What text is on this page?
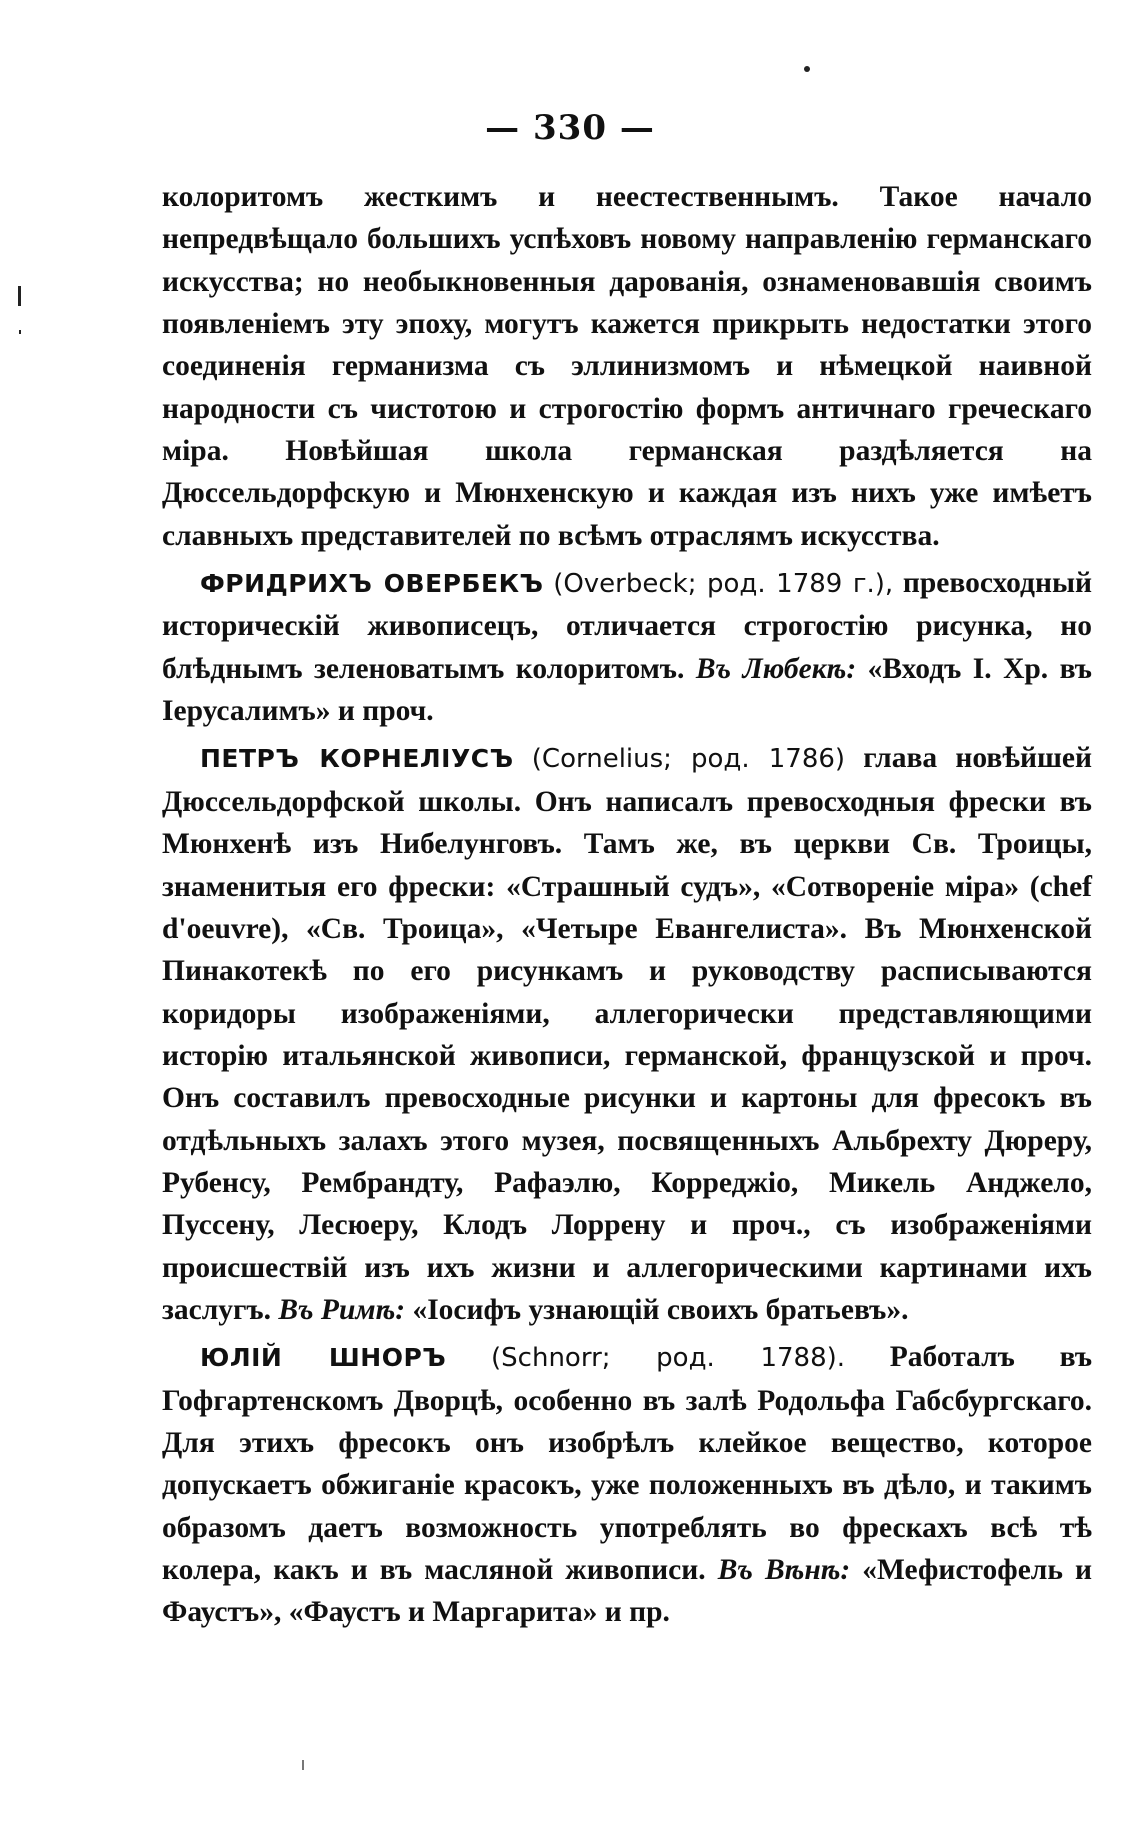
— 330 —

колоритомъ жесткимъ и неестественнымъ. Такое начало непредвѣщало большихъ успѣховъ новому направленію германскаго искусства; но необыкновенныя дарованія, ознаменовавшія своимъ появленіемъ эту эпоху, могутъ кажется прикрыть недостатки этого соединенія германизма съ эллинизмомъ и нѣмецкой наивной народности съ чистотою и строгостію формъ античнаго греческаго міра. Новѣйшая школа германская раздѣляется на Дюссельдорфскую и Мюнхенскую и каждая изъ нихъ уже имѣетъ славныхъ представителей по всѣмъ отраслямъ искусства.

ФРИДРИХЪ ОВЕРБЕКЪ (Overbeck; род. 1789 г.), превосходный историческій живописецъ, отличается строгостію рисунка, но блѣднымъ зеленоватымъ колоритомъ. Въ Любекѣ: «Входъ І. Хр. въ Іерусалимъ» и проч.

ПЕТРЪ КОРНЕЛІУСЪ (Cornelius; род. 1786) глава новѣйшей Дюссельдорфской школы. Онъ написалъ превосходныя фрески въ Мюнхенѣ изъ Нибелунговъ. Тамъ же, въ церкви Св. Троицы, знаменитыя его фрески: «Страшный судъ», «Сотвореніе міра» (chef d'oeuvre), «Св. Троица», «Четыре Евангелиста». Въ Мюнхенской Пинакотекѣ по его рисункамъ и руководству расписываются коридоры изображеніями, аллегорически представляющими исторію итальянской живописи, германской, французской и проч. Онъ составилъ превосходные рисунки и картоны для фресокъ въ отдѣльныхъ залахъ этого музея, посвященныхъ Альбрехту Дюреру, Рубенсу, Рембрандту, Рафаэлю, Корреджіо, Микель Анджело, Пуссену, Лесюеру, Клодъ Лоррену и проч., съ изображеніями происшествій изъ ихъ жизни и аллегорическими картинами ихъ заслугъ. Въ Римѣ: «Іосифъ узнающій своихъ братьевъ».

ЮЛІЙ ШНОРЪ (Schnorr; род. 1788). Работалъ въ Гофгартенскомъ Дворцѣ, особенно въ залѣ Родольфа Габсбургскаго. Для этихъ фресокъ онъ изобрѣлъ клейкое вещество, которое допускаетъ обжиганіе красокъ, уже положенныхъ въ дѣло, и такимъ образомъ даетъ возможность употреблять во фрескахъ всѣ тѣ колера, какъ и въ масляной живописи. Въ Вѣнѣ: «Мефистофель и Фаустъ», «Фаустъ и Маргарита» и пр.
